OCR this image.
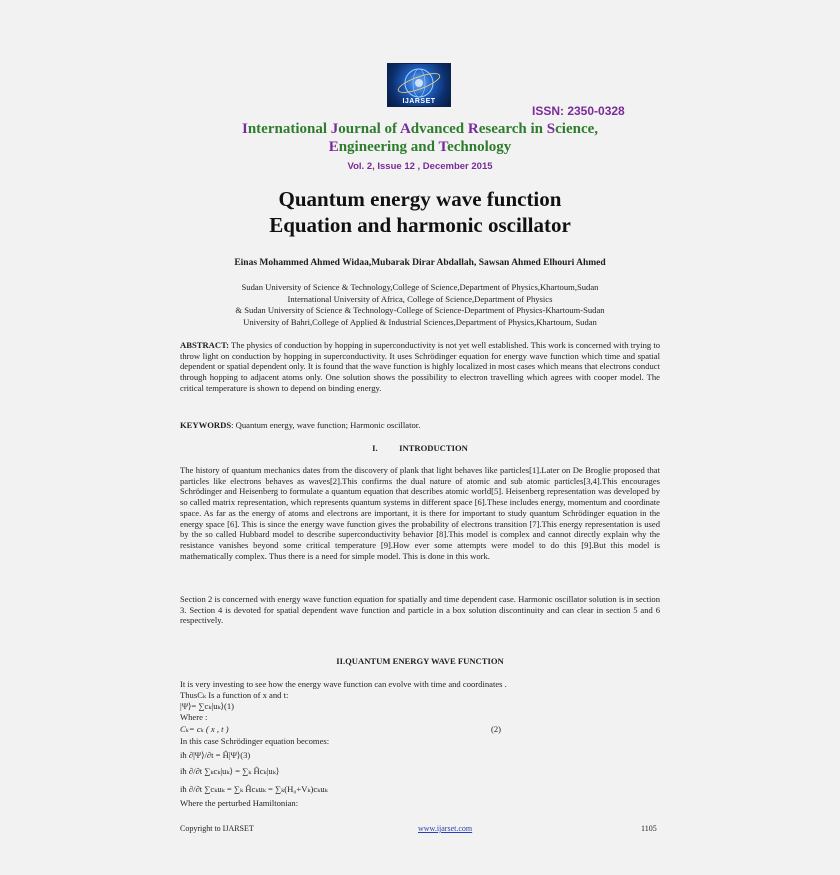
IJARSET
ISSN: 2350-0328
International Journal of Advanced Research in Science,
Engineering and Technology
Vol. 2, Issue 12 , December 2015
Quantum energy wave function
Equation and harmonic oscillator
Einas Mohammed Ahmed Widaa,Mubarak Dirar Abdallah, Sawsan Ahmed Elhouri Ahmed
Sudan University of Science & Technology,College of Science,Department of Physics,Khartoum,Sudan
International University of Africa, College of Science,Department of Physics
& Sudan University of Science & Technology-College of Science-Department of Physics-Khartoum-Sudan
University of Bahri,College of Applied & Industrial Sciences,Department of Physics,Khartoum, Sudan
ABSTRACT: The physics of conduction by hopping in superconductivity is not yet well established. This work is concerned with trying to throw light on conduction by hopping in superconductivity. It uses Schrödinger equation for energy wave function which time and spatial dependent or spatial dependent only. It is found that the wave function is highly localized in most cases which means that electrons conduct through hopping to adjacent atoms only. One solution shows the possibility to electron travelling which agrees with cooper model. The critical temperature is shown to depend on binding energy.
KEYWORDS: Quantum energy, wave function; Harmonic oscillator.
I.          INTRODUCTION
The history of quantum mechanics dates from the discovery of plank that light behaves like particles[1].Later on De Broglie proposed that particles like electrons behaves as waves[2].This confirms the dual nature of atomic and sub atomic particles[3,4].This encourages Schrödinger and Heisenberg to formulate a quantum equation that describes atomic world[5]. Heisenberg representation was developed by so called matrix representation, which represents quantum systems in different space [6].These includes energy, momentum and coordinate space. As far as the energy of atoms and electrons are important, it is there for important to study quantum Schrödinger equation in the energy space [6]. This is since the energy wave function gives the probability of electrons transition [7].This energy representation is used by the so called Hubbard model to describe superconductivity behavior [8].This model is complex and cannot directly explain why the resistance vanishes beyond some critical temperature [9].How ever some attempts were model to do this [9].But this model is mathematically complex. Thus there is a need for simple model. This is done in this work.
Section 2 is concerned with energy wave function equation for spatially and time dependent case. Harmonic oscillator solution is in section 3. Section 4 is devoted for spatial dependent wave function and particle in a box solution discontinuity and can clear in section 5 and 6 respectively.
II.QUANTUM ENERGY WAVE FUNCTION
It is very investing to see how the energy wave function can evolve with time and coordinates .
ThusCₖ Is a function of x and t:
|Ψ⟩= ∑cₖ|uₖ⟩(1)
Where :
Cₖ= cₖ ( x , t )	(2)
In this case Schrödinger equation becomes:
iħ ∂|Ψ⟩/∂t = Ĥ|Ψ⟩(3)
iħ ∂/∂t ∑ₖcₖ|uₖ⟩ = ∑ₖ Ĥcₖ|uₖ⟩
iħ ∂/∂t ∑cₖuₖ = ∑ₖ Ĥcₖuₖ = ∑ₖ(H₀+Vₖ)cₖuₖ
Where the perturbed Hamiltonian:
Copyright to IJARSET	www.ijarset.com	1105
